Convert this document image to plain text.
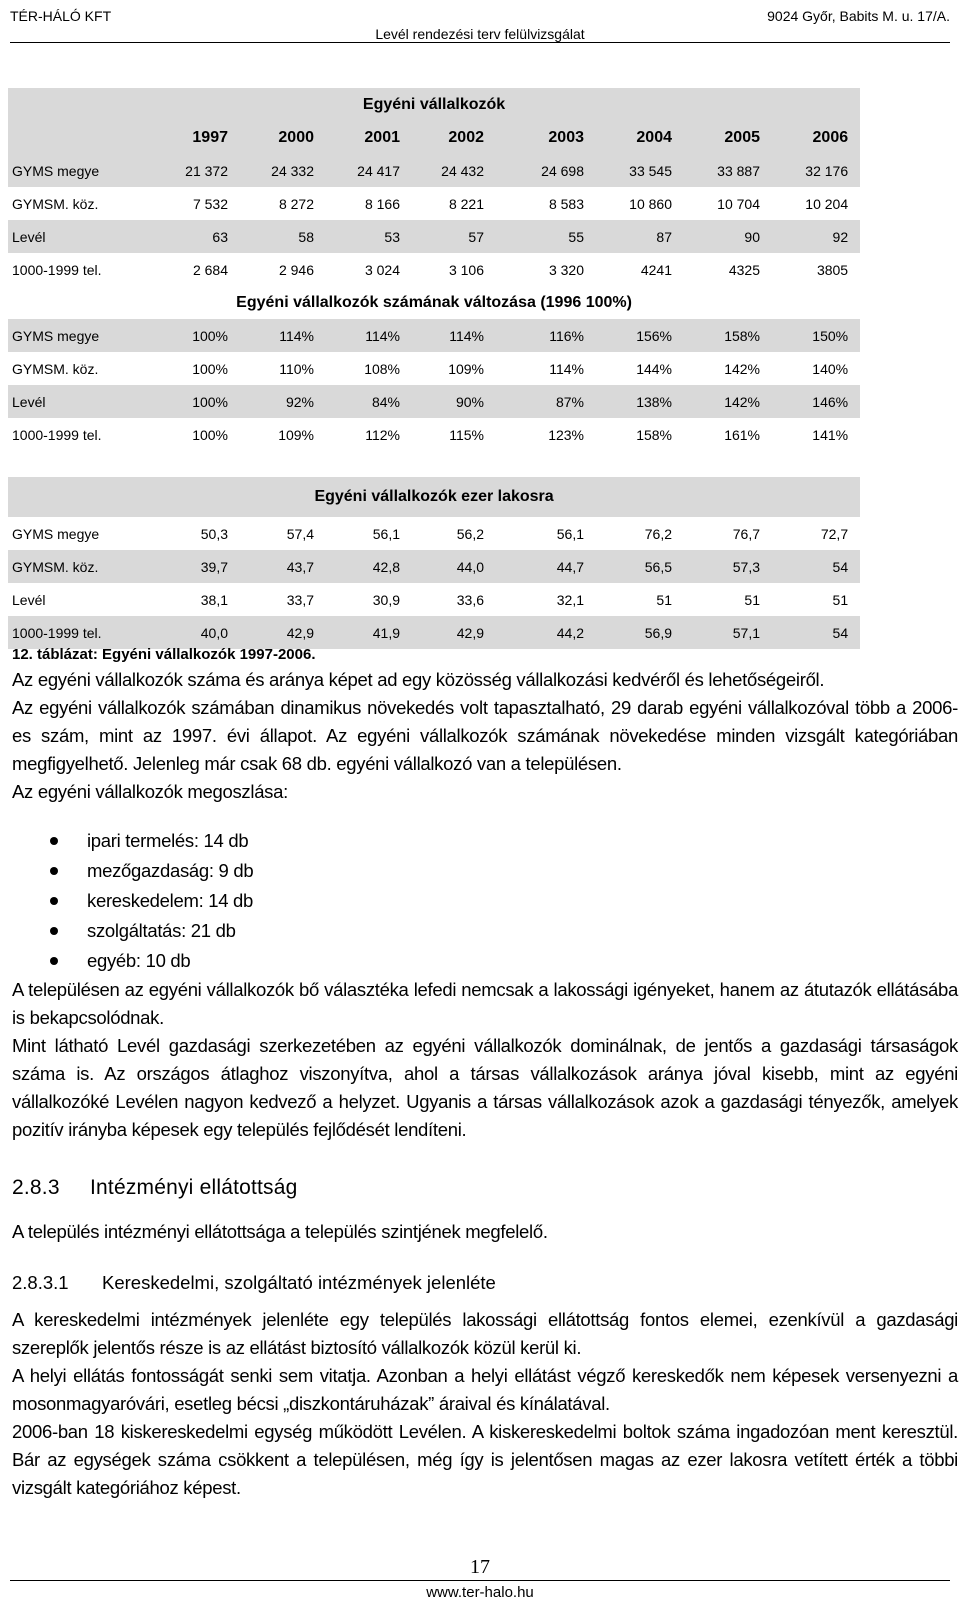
TÉR-HÁLÓ KFT	9024 Győr, Babits M. u. 17/A.
Levél rendezési terv felülvizsgálat
Egyéni vállalkozók								
	1997	2000	2001	2002	2003	2004	2005	2006
GYMS megye	21 372	24 332	24 417	24 432	24 698	33 545	33 887	32 176
GYMSM. köz.	7 532	8 272	8 166	8 221	8 583	10 860	10 704	10 204
Levél	63	58	53	57	55	87	90	92
1000-1999 tel.	2 684	2 946	3 024	3 106	3 320	4241	4325	3805
Egyéni vállalkozók számának változása (1996 100%)								
GYMS megye	100%	114%	114%	114%	116%	156%	158%	150%
GYMSM. köz.	100%	110%	108%	109%	114%	144%	142%	140%
Levél	100%	92%	84%	90%	87%	138%	142%	146%
1000-1999 tel.	100%	109%	112%	115%	123%	158%	161%	141%

Egyéni vállalkozók ezer lakosra								
GYMS megye	50,3	57,4	56,1	56,2	56,1	76,2	76,7	72,7
GYMSM. köz.	39,7	43,7	42,8	44,0	44,7	56,5	57,3	54
Levél	38,1	33,7	30,9	33,6	32,1	51	51	51
1000-1999 tel.	40,0	42,9	41,9	42,9	44,2	56,9	57,1	54
12. táblázat: Egyéni vállalkozók 1997-2006.
Az egyéni vállalkozók száma és aránya képet ad egy közösség vállalkozási kedvéről és lehetőségeiről.
Az egyéni vállalkozók számában dinamikus növekedés volt tapasztalható, 29 darab egyéni vállalkozóval több a 2006-es szám, mint az 1997. évi állapot. Az egyéni vállalkozók számának növekedése minden vizsgált kategóriában megfigyelhető. Jelenleg már csak 68 db. egyéni vállalkozó van a településen.
Az egyéni vállalkozók megoszlása:
ipari termelés: 14 db
mezőgazdaság: 9 db
kereskedelem: 14 db
szolgáltatás: 21 db
egyéb: 10 db
A településen az egyéni vállalkozók bő választéka lefedi nemcsak a lakossági igényeket, hanem az átutazók ellátásába is bekapcsolódnak.
Mint látható Levél gazdasági szerkezetében az egyéni vállalkozók dominálnak, de jentős a gazdasági társaságok száma is. Az országos átlaghoz viszonyítva, ahol a társas vállalkozások aránya jóval kisebb, mint az egyéni vállalkozóké Levélen nagyon kedvező a helyzet. Ugyanis a társas vállalkozások azok a gazdasági tényezők, amelyek pozitív irányba képesek egy település fejlődését lendíteni.
2.8.3 Intézményi ellátottság
A település intézményi ellátottsága a település szintjének megfelelő.
2.8.3.1 Kereskedelmi, szolgáltató intézmények jelenléte
A kereskedelmi intézmények jelenléte egy település lakossági ellátottság fontos elemei, ezenkívül a gazdasági szereplők jelentős része is az ellátást biztosító vállalkozók közül kerül ki.
A helyi ellátás fontosságát senki sem vitatja. Azonban a helyi ellátást végző kereskedők nem képesek versenyezni a mosonmagyaróvári, esetleg bécsi „diszkontáruházak” áraival és kínálatával.
2006-ban 18 kiskereskedelmi egység működött Levélen. A kiskereskedelmi boltok száma ingadozóan ment keresztül. Bár az egységek száma csökkent a településen, még így is jelentősen magas az ezer lakosra vetített érték a többi vizsgált kategóriához képest.
17
www.ter-halo.hu
